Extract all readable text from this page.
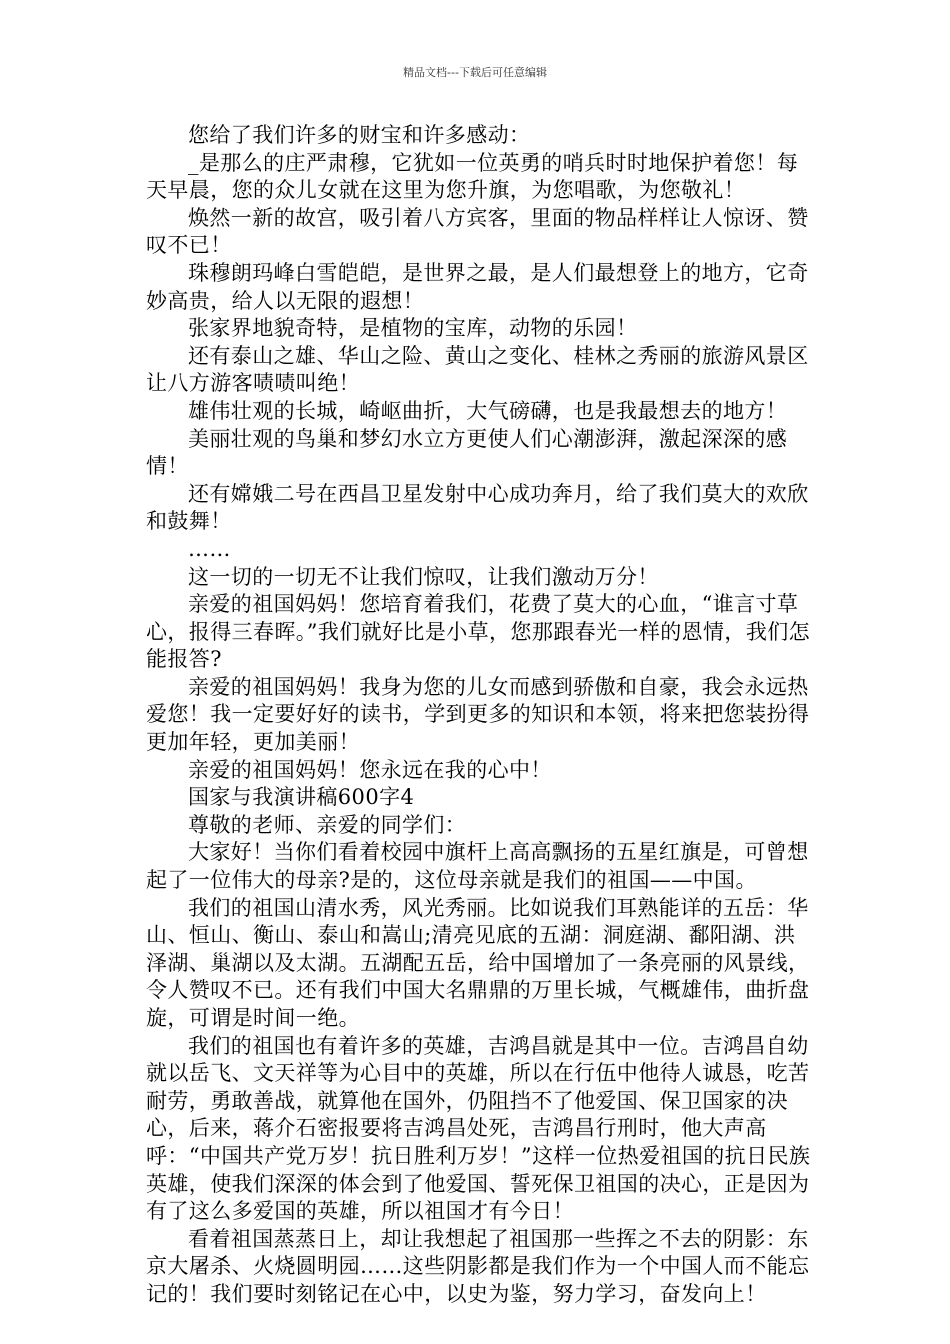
精品文档---下载后可任意编辑

您给了我们许多的财宝和许多感动：

_是那么的庄严肃穆，它犹如一位英勇的哨兵时时地保护着您！每天早晨，您的众儿女就在这里为您升旗，为您唱歌，为您敬礼！

焕然一新的故宫，吸引着八方宾客，里面的物品样样让人惊讶、赞叹不已！

珠穆朗玛峰白雪皑皑，是世界之最，是人们最想登上的地方，它奇妙高贵，给人以无限的遐想！

张家界地貌奇特，是植物的宝库，动物的乐园！

还有泰山之雄、华山之险、黄山之变化、桂林之秀丽的旅游风景区让八方游客啧啧叫绝！

雄伟壮观的长城，崎岖曲折，大气磅礴，也是我最想去的地方！

美丽壮观的鸟巢和梦幻水立方更使人们心潮澎湃，激起深深的感情！

还有嫦娥二号在西昌卫星发射中心成功奔月，给了我们莫大的欢欣和鼓舞！

……

这一切的一切无不让我们惊叹，让我们激动万分！

亲爱的祖国妈妈！您培育着我们，花费了莫大的心血，“谁言寸草心，报得三春晖。”我们就好比是小草，您那跟春光一样的恩情，我们怎能报答?

亲爱的祖国妈妈！我身为您的儿女而感到骄傲和自豪，我会永远热爱您！我一定要好好的读书，学到更多的知识和本领，将来把您装扮得更加年轻，更加美丽！

亲爱的祖国妈妈！您永远在我的心中！

国家与我演讲稿600字4

尊敬的老师、亲爱的同学们：

大家好！当你们看着校园中旗杆上高高飘扬的五星红旗是，可曾想起了一位伟大的母亲?是的，这位母亲就是我们的祖国——中国。

我们的祖国山清水秀，风光秀丽。比如说我们耳熟能详的五岳：华山、恒山、衡山、泰山和嵩山;清亮见底的五湖：洞庭湖、鄱阳湖、洪泽湖、巢湖以及太湖。五湖配五岳，给中国增加了一条亮丽的风景线，令人赞叹不已。还有我们中国大名鼎鼎的万里长城，气概雄伟，曲折盘旋，可谓是时间一绝。

我们的祖国也有着许多的英雄，吉鸿昌就是其中一位。吉鸿昌自幼就以岳飞、文天祥等为心目中的英雄，所以在行伍中他待人诚恳，吃苦耐劳，勇敢善战，就算他在国外，仍阻挡不了他爱国、保卫国家的决心，后来，蒋介石密报要将吉鸿昌处死，吉鸿昌行刑时，他大声高呼：“中国共产党万岁！抗日胜利万岁！”这样一位热爱祖国的抗日民族英雄，使我们深深的体会到了他爱国、誓死保卫祖国的决心，正是因为有了这么多爱国的英雄，所以祖国才有今日！

看着祖国蒸蒸日上，却让我想起了祖国那一些挥之不去的阴影：东京大屠杀、火烧圆明园……这些阴影都是我们作为一个中国人而不能忘记的！我们要时刻铭记在心中，以史为鉴，努力学习，奋发向上！
